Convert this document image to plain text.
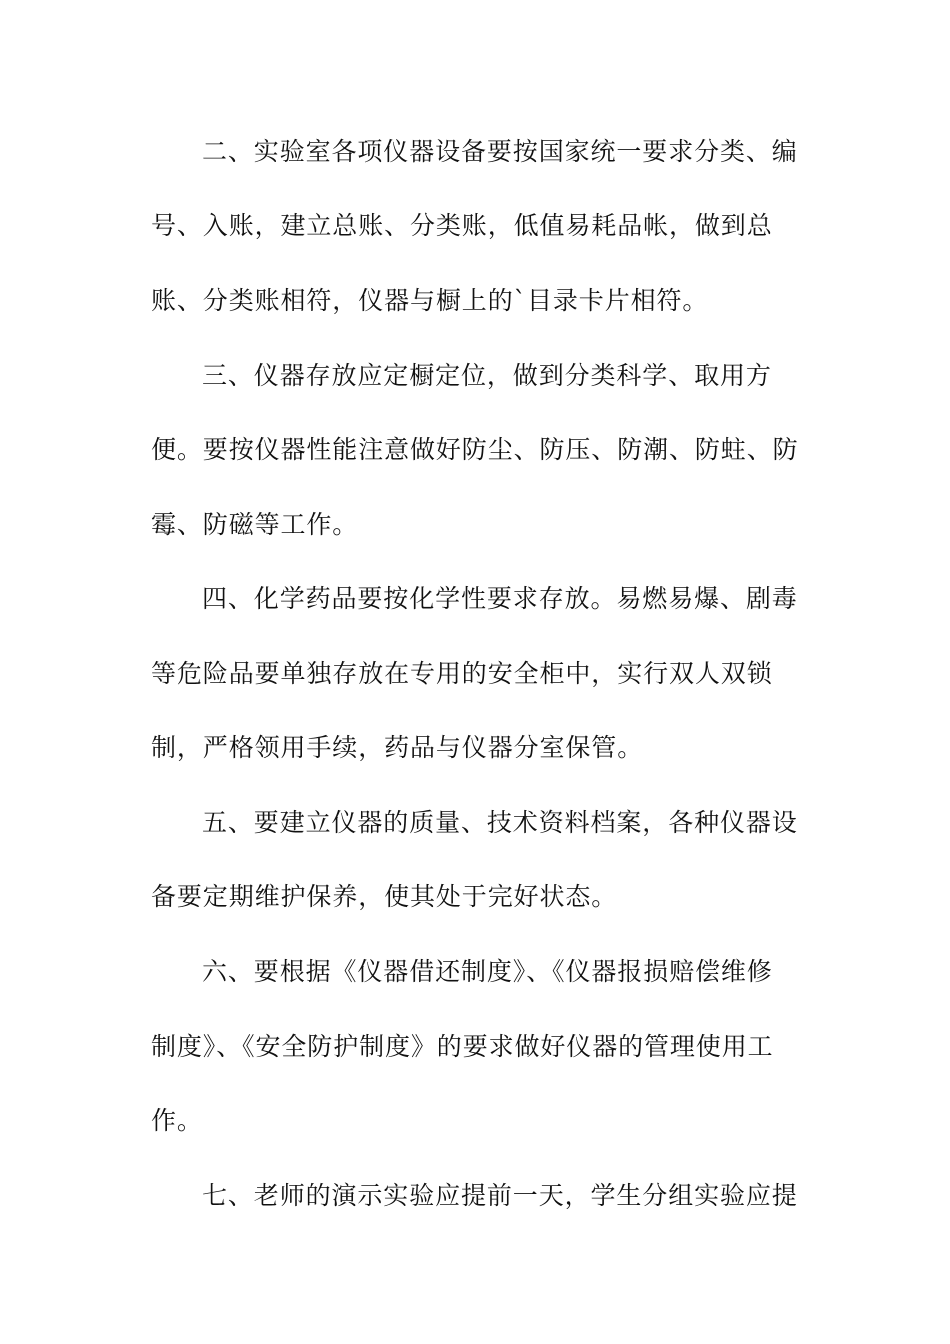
二、实验室各项仪器设备要按国家统一要求分类、编
号、入账，建立总账、分类账，低值易耗品帐，做到总
账、分类账相符，仪器与橱上的`目录卡片相符。
三、仪器存放应定橱定位，做到分类科学、取用方
便。要按仪器性能注意做好防尘、防压、防潮、防蛀、防
霉、防磁等工作。
四、化学药品要按化学性要求存放。易燃易爆、剧毒
等危险品要单独存放在专用的安全柜中，实行双人双锁
制，严格领用手续，药品与仪器分室保管。
五、要建立仪器的质量、技术资料档案，各种仪器设
备要定期维护保养，使其处于完好状态。
六、要根据《仪器借还制度》、《仪器报损赔偿维修
制度》、《安全防护制度》的要求做好仪器的管理使用工
作。
七、老师的演示实验应提前一天，学生分组实验应提
